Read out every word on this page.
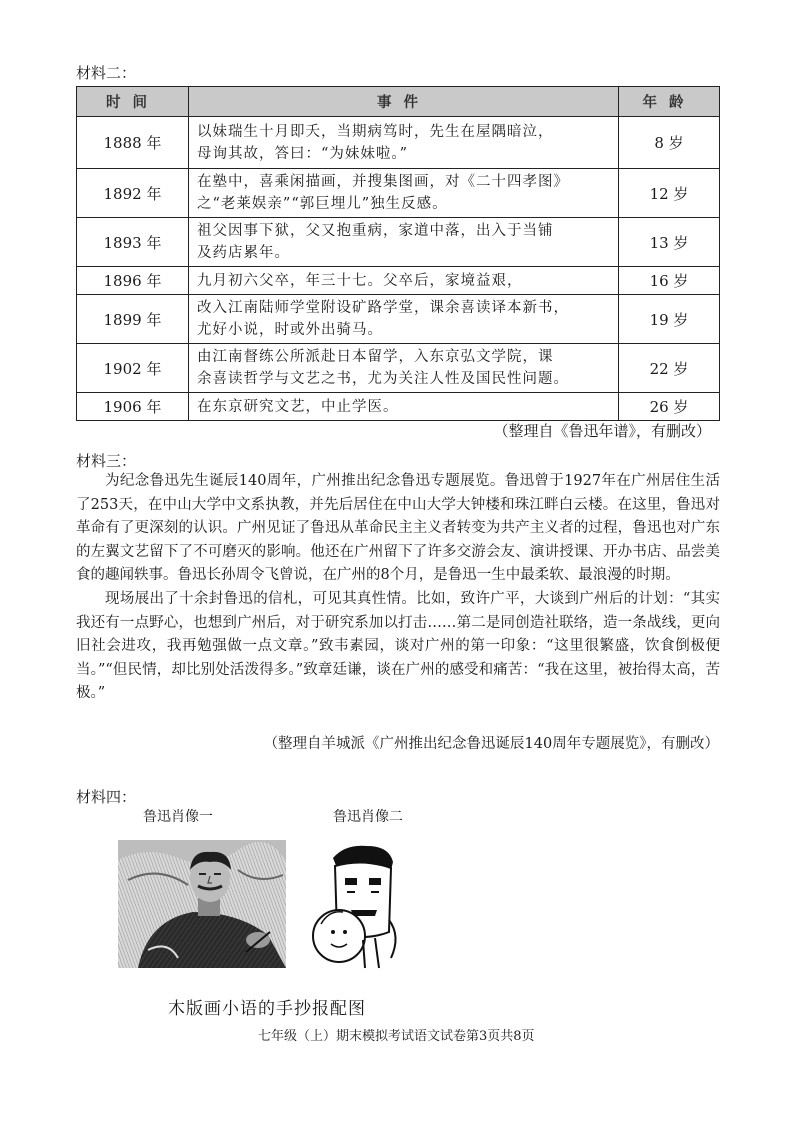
材料二：
时间	事件	年龄
1888 年	以妹瑞生十月即夭，当期病笃时，先生在屋隅暗泣，
母询其故，答曰：“为妹妹啦。”	8 岁
1892 年	在塾中，喜乘闲描画，并搜集图画，对《二十四孝图》
之“老莱娱亲”“郭巨埋儿”独生反感。	12 岁
1893 年	祖父因事下狱，父又抱重病，家道中落，出入于当铺
及药店累年。	13 岁
1896 年	九月初六父卒，年三十七。父卒后，家境益艰，	16 岁
1899 年	改入江南陆师学堂附设矿路学堂，课余喜读译本新书，
尤好小说，时或外出骑马。	19 岁
1902 年	由江南督练公所派赴日本留学，入东京弘文学院，课
余喜读哲学与文艺之书，尤为关注人性及国民性问题。	22 岁
1906 年	在东京研究文艺，中止学医。	26 岁
（整理自《鲁迅年谱》，有删改）
材料三：

为纪念鲁迅先生诞辰140周年，广州推出纪念鲁迅专题展览。鲁迅曾于1927年在广州居住生活了253天，在中山大学中文系执教，并先后居住在中山大学大钟楼和珠江畔白云楼。在这里，鲁迅对革命有了更深刻的认识。广州见证了鲁迅从革命民主主义者转变为共产主义者的过程，鲁迅也对广东的左翼文艺留下了不可磨灭的影响。他还在广州留下了许多交游会友、演讲授课、开办书店、品尝美食的趣闻轶事。鲁迅长孙周令飞曾说，在广州的8个月，是鲁迅一生中最柔软、最浪漫的时期。

现场展出了十余封鲁迅的信札，可见其真性情。比如，致许广平，大谈到广州后的计划：“其实我还有一点野心，也想到广州后，对于研究系加以打击……第二是同创造社联络，造一条战线，更向旧社会进攻，我再勉强做一点文章。”致韦素园，谈对广州的第一印象：“这里很繁盛，饮食倒极便当。”“但民情，却比别处活泼得多。”致章廷谦，谈在广州的感受和痛苦：“我在这里，被抬得太高，苦极。”

（整理自羊城派《广州推出纪念鲁迅诞辰140周年专题展览》，有删改）
材料四：
鲁迅肖像一	鲁迅肖像二
木版画小语的手抄报配图
七年级（上）期末模拟考试语文试卷第3页共8页
